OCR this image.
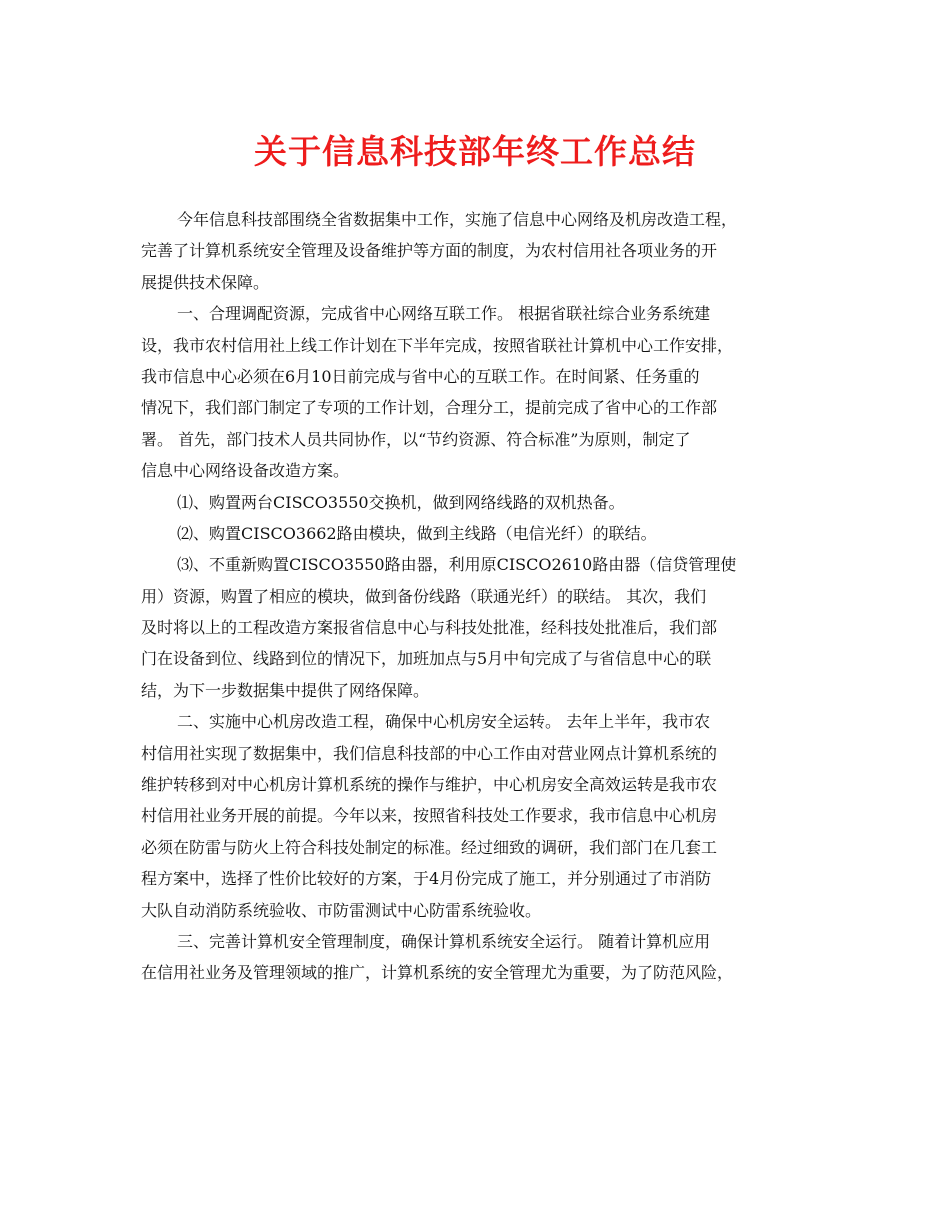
关于信息科技部年终工作总结
今年信息科技部围绕全省数据集中工作，实施了信息中心网络及机房改造工程，
完善了计算机系统安全管理及设备维护等方面的制度，为农村信用社各项业务的开
展提供技术保障。
一、合理调配资源，完成省中心网络互联工作。 根据省联社综合业务系统建
设，我市农村信用社上线工作计划在下半年完成，按照省联社计算机中心工作安排，
我市信息中心必须在6月10日前完成与省中心的互联工作。在时间紧、任务重的
情况下，我们部门制定了专项的工作计划，合理分工，提前完成了省中心的工作部
署。 首先，部门技术人员共同协作，以“节约资源、符合标准”为原则，制定了
信息中心网络设备改造方案。
⑴、购置两台CISCO3550交换机，做到网络线路的双机热备。
⑵、购置CISCO3662路由模块，做到主线路（电信光纤）的联结。
⑶、不重新购置CISCO3550路由器，利用原CISCO2610路由器（信贷管理使
用）资源，购置了相应的模块，做到备份线路（联通光纤）的联结。 其次，我们
及时将以上的工程改造方案报省信息中心与科技处批准，经科技处批准后，我们部
门在设备到位、线路到位的情况下，加班加点与5月中旬完成了与省信息中心的联
结，为下一步数据集中提供了网络保障。
二、实施中心机房改造工程，确保中心机房安全运转。 去年上半年，我市农
村信用社实现了数据集中，我们信息科技部的中心工作由对营业网点计算机系统的
维护转移到对中心机房计算机系统的操作与维护，中心机房安全高效运转是我市农
村信用社业务开展的前提。今年以来，按照省科技处工作要求，我市信息中心机房
必须在防雷与防火上符合科技处制定的标准。经过细致的调研，我们部门在几套工
程方案中，选择了性价比较好的方案，于4月份完成了施工，并分别通过了市消防
大队自动消防系统验收、市防雷测试中心防雷系统验收。
三、完善计算机安全管理制度，确保计算机系统安全运行。 随着计算机应用
在信用社业务及管理领域的推广，计算机系统的安全管理尤为重要，为了防范风险，
